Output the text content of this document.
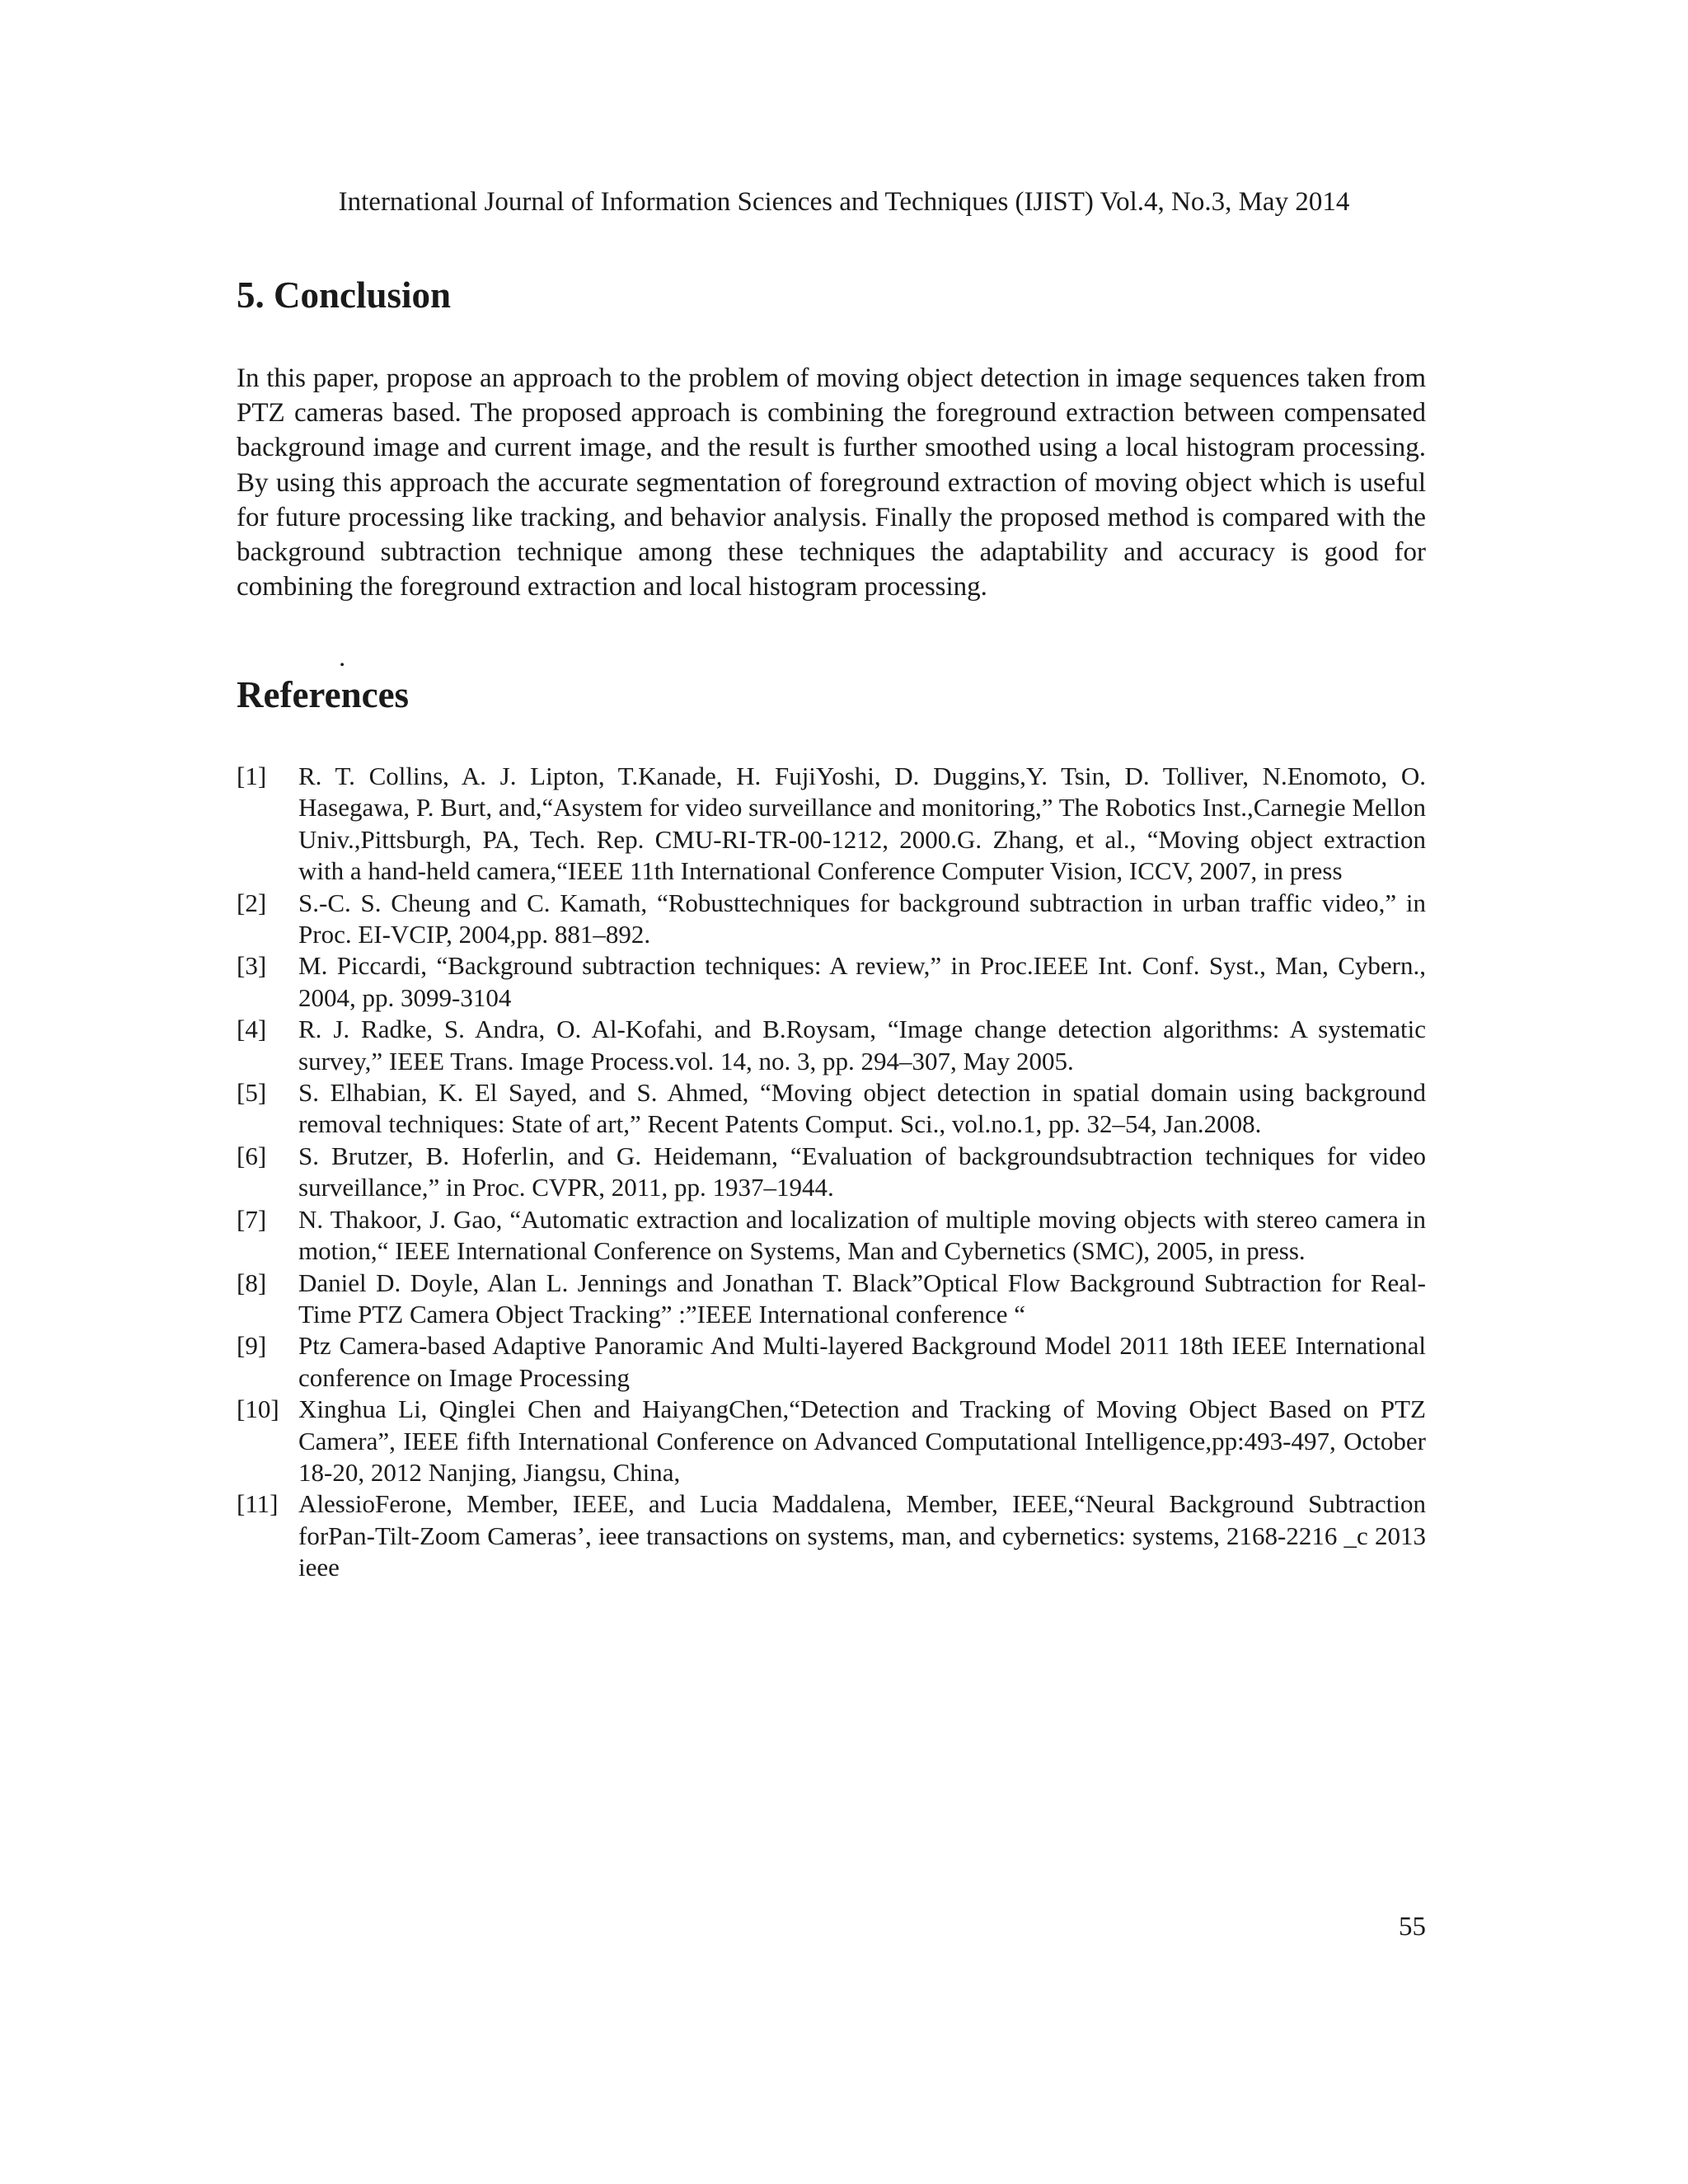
International Journal of Information Sciences and Techniques (IJIST) Vol.4, No.3, May 2014
5. Conclusion

In this paper, propose an approach to the problem of moving object detection in image sequences taken from PTZ cameras based. The proposed approach is combining the foreground extraction between compensated background image and current image, and the result is further smoothed using a local histogram processing. By using this approach the accurate segmentation of foreground extraction of moving object which is useful for future processing like tracking, and behavior analysis. Finally the proposed method is compared with the background subtraction technique among these techniques the adaptability and accuracy is good for combining the foreground extraction and local histogram processing.

.
References
[1]	R. T. Collins, A. J. Lipton, T.Kanade, H. FujiYoshi, D. Duggins,Y. Tsin, D. Tolliver, N.Enomoto, O. Hasegawa, P. Burt, and,“Asystem for video surveillance and monitoring,” The Robotics Inst.,Carnegie Mellon Univ.,Pittsburgh, PA, Tech. Rep. CMU-RI-TR-00-1212, 2000.G. Zhang, et al., “Moving object extraction with a hand-held camera,“IEEE 11th International Conference Computer Vision, ICCV, 2007, in press
[2]	S.-C. S. Cheung and C. Kamath, “Robusttechniques for background subtraction in urban traffic video,” in Proc. EI-VCIP, 2004,pp. 881–892.
[3]	M. Piccardi, “Background subtraction techniques: A review,” in Proc.IEEE Int. Conf. Syst., Man, Cybern., 2004, pp. 3099-3104
[4]	R. J. Radke, S. Andra, O. Al-Kofahi, and B.Roysam, “Image change detection algorithms: A systematic survey,” IEEE Trans. Image Process.vol. 14, no. 3, pp. 294–307, May 2005.
[5]	S. Elhabian, K. El Sayed, and S. Ahmed, “Moving object detection in spatial domain using background removal techniques: State of art,” Recent Patents Comput. Sci., vol.no.1, pp. 32–54, Jan.2008.
[6]	S. Brutzer, B. Hoferlin, and G. Heidemann, “Evaluation of backgroundsubtraction techniques for video surveillance,” in Proc. CVPR, 2011, pp. 1937–1944.
[7]	N. Thakoor, J. Gao, “Automatic extraction and localization of multiple moving objects with stereo camera in motion,“ IEEE International Conference on Systems, Man and Cybernetics (SMC), 2005, in press.
[8]	Daniel D. Doyle, Alan L. Jennings and Jonathan T. Black”Optical Flow Background Subtraction for Real-Time PTZ Camera Object Tracking” :”IEEE International conference “
[9]	Ptz Camera-based Adaptive Panoramic And Multi-layered Background Model 2011 18th IEEE International conference on Image Processing
[10] Xinghua Li, Qinglei Chen and HaiyangChen,“Detection and Tracking of Moving Object Based on PTZ Camera”, IEEE fifth International Conference on Advanced Computational Intelligence,pp:493-497, October 18-20, 2012 Nanjing, Jiangsu, China,
[11] AlessioFerone, Member, IEEE, and Lucia Maddalena, Member, IEEE,“Neural Background Subtraction forPan-Tilt-Zoom Cameras’, ieee transactions on systems, man, and cybernetics: systems, 2168-2216 _c 2013 ieee
55
